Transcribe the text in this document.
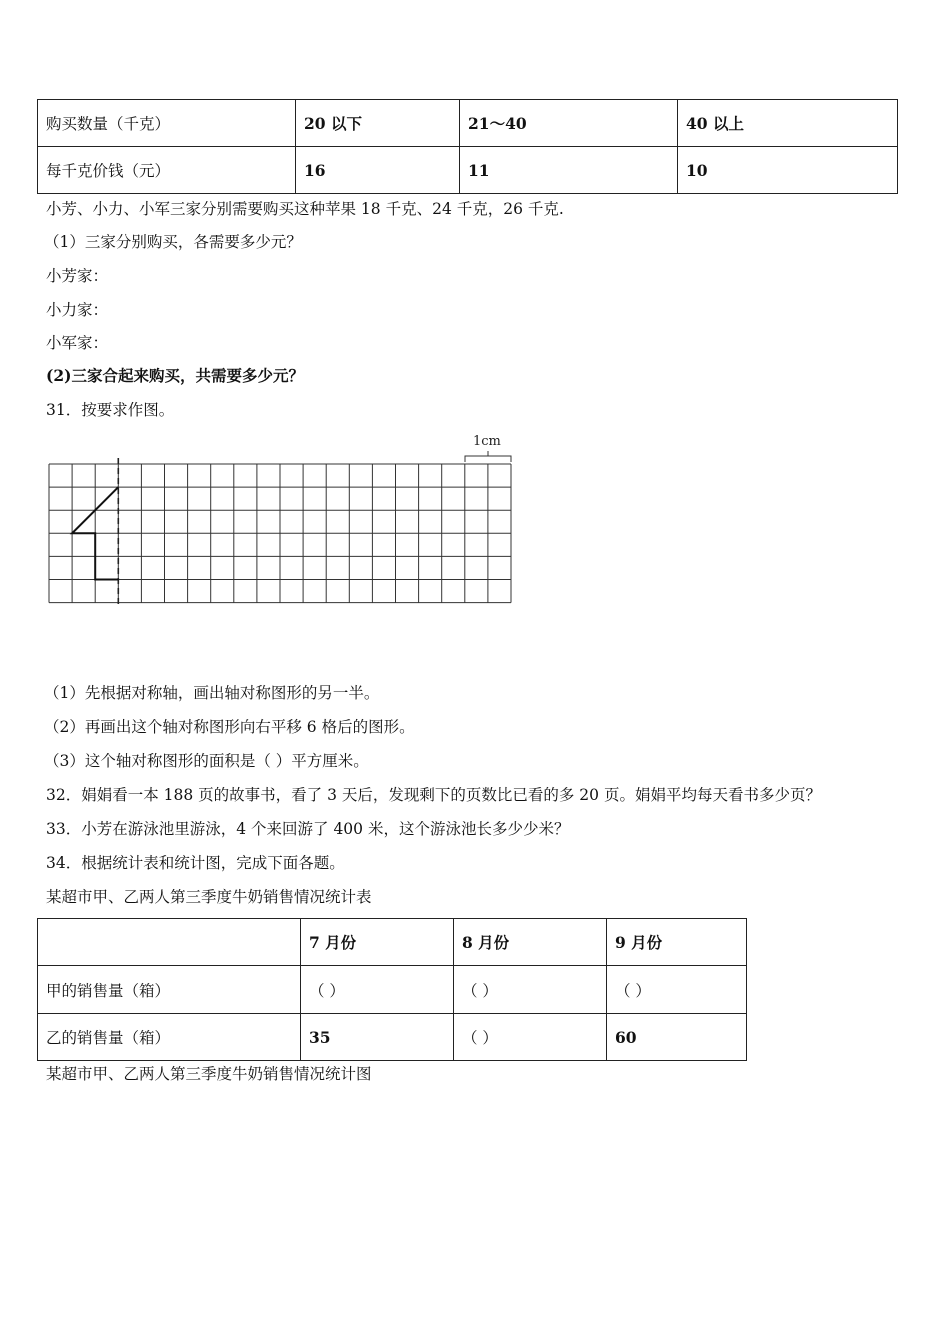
购买数量（千克）	20 以下	21～40	40 以上
每千克价钱（元）	16	11	10
小芳、小力、小军三家分别需要购买这种苹果 18 千克、24 千克，26 千克.
（1）三家分别购买，各需要多少元？
小芳家：
小力家：
小军家：
(2)三家合起来购买，共需要多少元？
31．按要求作图。
1cm
（1）先根据对称轴，画出轴对称图形的另一半。
（2）再画出这个轴对称图形向右平移 6 格后的图形。
（3）这个轴对称图形的面积是（ ）平方厘米。
32．娟娟看一本 188 页的故事书，看了 3 天后，发现剩下的页数比已看的多 20 页。娟娟平均每天看书多少页？
33．小芳在游泳池里游泳，4 个来回游了 400 米，这个游泳池长多少少米？
34．根据统计表和统计图，完成下面各题。
某超市甲、乙两人第三季度牛奶销售情况统计表
	7 月份	8 月份	9 月份
甲的销售量（箱）	（ ）	（ ）	（ ）
乙的销售量（箱）	35	（ ）	60
某超市甲、乙两人第三季度牛奶销售情况统计图
